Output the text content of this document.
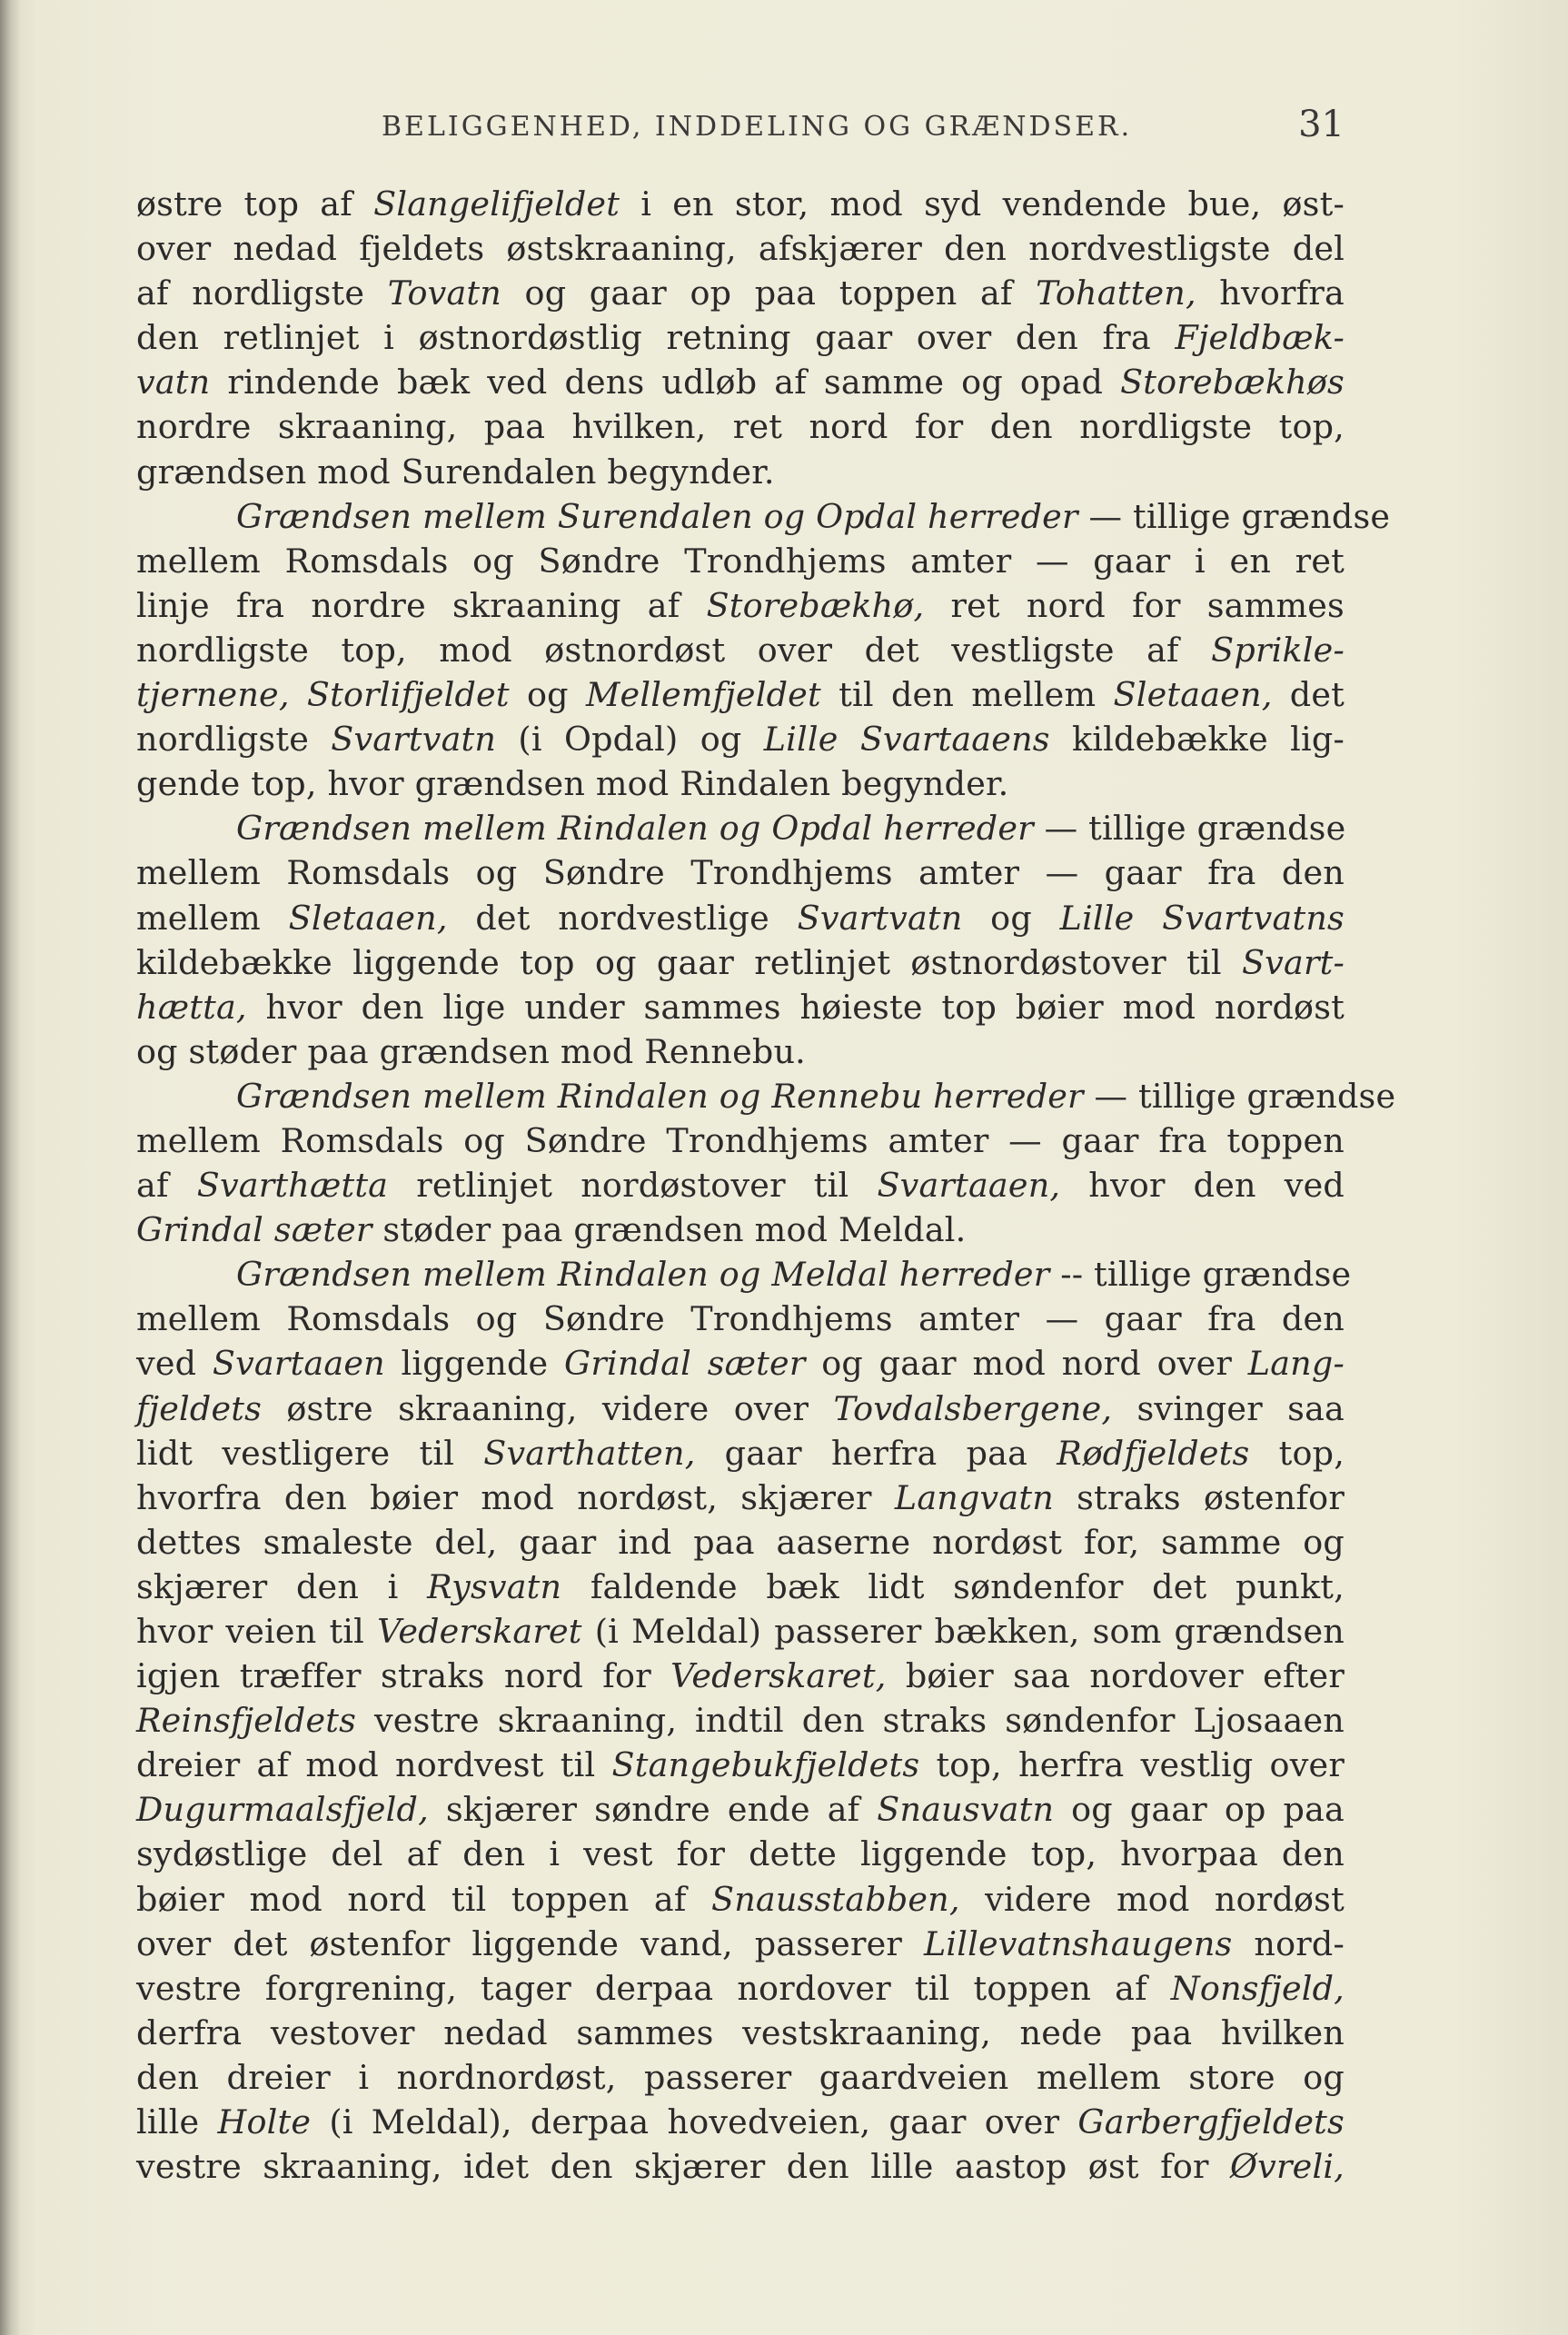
BELIGGENHED, INDDELING OG GRÆNDSER.	31
østre top af Slangelifjeldet i en stor, mod syd vendende bue, øst-
over nedad fjeldets østskraaning, afskjærer den nordvestligste del
af nordligste Tovatn og gaar op paa toppen af Tohatten, hvorfra
den retlinjet i østnordøstlig retning gaar over den fra Fjeldbæk-
vatn rindende bæk ved dens udløb af samme og opad Storebækhøs
nordre skraaning, paa hvilken, ret nord for den nordligste top,
grændsen mod Surendalen begynder.
Grændsen mellem Surendalen og Opdal herreder — tillige grændse
mellem Romsdals og Søndre Trondhjems amter — gaar i en ret
linje fra nordre skraaning af Storebækhø, ret nord for sammes
nordligste top, mod østnordøst over det vestligste af Sprikle-
tjernene, Storlifjeldet og Mellemfjeldet til den mellem Sletaaen, det
nordligste Svartvatn (i Opdal) og Lille Svartaaens kildebække lig-
gende top, hvor grændsen mod Rindalen begynder.
Grændsen mellem Rindalen og Opdal herreder — tillige grændse
mellem Romsdals og Søndre Trondhjems amter — gaar fra den
mellem Sletaaen, det nordvestlige Svartvatn og Lille Svartvatns
kildebække liggende top og gaar retlinjet østnordøstover til Svart-
hætta, hvor den lige under sammes høieste top bøier mod nordøst
og støder paa grændsen mod Rennebu.
Grændsen mellem Rindalen og Rennebu herreder — tillige grændse
mellem Romsdals og Søndre Trondhjems amter — gaar fra toppen
af Svarthætta retlinjet nordøstover til Svartaaen, hvor den ved
Grindal sæter støder paa grændsen mod Meldal.
Grændsen mellem Rindalen og Meldal herreder -- tillige grændse
mellem Romsdals og Søndre Trondhjems amter — gaar fra den
ved Svartaaen liggende Grindal sæter og gaar mod nord over Lang-
fjeldets østre skraaning, videre over Tovdalsbergene, svinger saa
lidt vestligere til Svarthatten, gaar herfra paa Rødfjeldets top,
hvorfra den bøier mod nordøst, skjærer Langvatn straks østenfor
dettes smaleste del, gaar ind paa aaserne nordøst for, samme og
skjærer den i Rysvatn faldende bæk lidt søndenfor det punkt,
hvor veien til Vederskaret (i Meldal) passerer bækken, som grændsen
igjen træffer straks nord for Vederskaret, bøier saa nordover efter
Reinsfjeldets vestre skraaning, indtil den straks søndenfor Ljosaaen
dreier af mod nordvest til Stangebukfjeldets top, herfra vestlig over
Dugurmaalsfjeld, skjærer søndre ende af Snausvatn og gaar op paa
sydøstlige del af den i vest for dette liggende top, hvorpaa den
bøier mod nord til toppen af Snausstabben, videre mod nordøst
over det østenfor liggende vand, passerer Lillevatnshaugens nord-
vestre forgrening, tager derpaa nordover til toppen af Nonsfjeld,
derfra vestover nedad sammes vestskraaning, nede paa hvilken
den dreier i nordnordøst, passerer gaardveien mellem store og
lille Holte (i Meldal), derpaa hovedveien, gaar over Garbergfjeldets
vestre skraaning, idet den skjærer den lille aastop øst for Øvreli,
